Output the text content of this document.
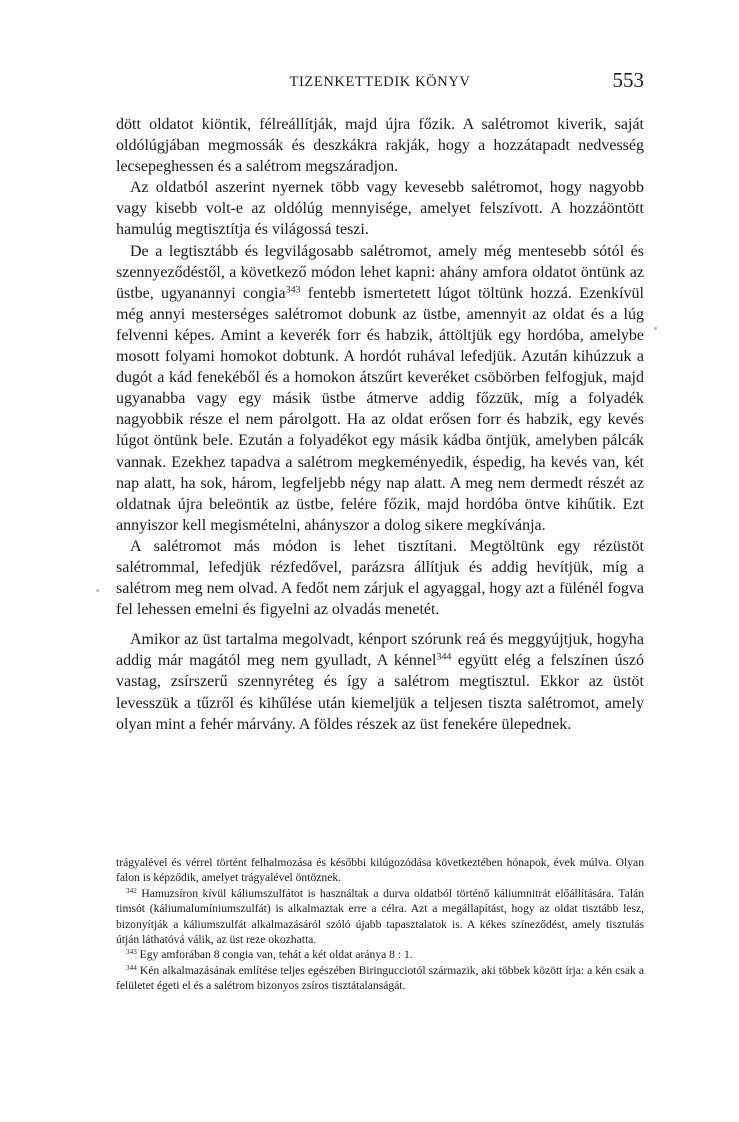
TIZENKETTEDIK KÖNYV	553

dött oldatot kiöntik, félreállítják, majd újra főzik. A salétromot kiverik, saját oldólúgjában megmossák és deszkákra rakják, hogy a hozzátapadt nedvesség lecsepeghessen és a salétrom megszáradjon.

Az oldatból aszerint nyernek több vagy kevesebb salétromot, hogy nagyobb vagy kisebb volt-e az oldólúg mennyisége, amelyet felszívott. A hozzáöntött hamulúg megtisztítja és világossá teszi.

De a legtisztább és legvilágosabb salétromot, amely még mentesebb sótól és szennyeződéstől, a következő módon lehet kapni: ahány amfora oldatot öntünk az üstbe, ugyanannyi congia$^{343}$ fentebb ismertetett lúgot töltünk hozzá. Ezenkívül még annyi mesterséges salétromot dobunk az üstbe, amennyit az oldat és a lúg felvenni képes. Amint a keverék forr és habzik, áttöltjük egy hordóba, amelybe mosott folyami homokot dobtunk. A hordót ruhával lefedjük. Azután kihúzzuk a dugót a kád fenekéből és a homokon átszűrt keveréket csöbörben felfogjuk, majd ugyanabba vagy egy másik üstbe átmerve addig főzzük, míg a folyadék nagyobbik része el nem párolgott. Ha az oldat erősen forr és habzik, egy kevés lúgot öntünk bele. Ezután a folyadékot egy másik kádba öntjük, amelyben pálcák vannak. Ezekhez tapadva a salétrom megkeményedik, éspedig, ha kevés van, két nap alatt, ha sok, három, legfeljebb négy nap alatt. A meg nem dermedt részét az oldatnak újra beleöntik az üstbe, felére főzik, majd hordóba öntve kihűtik. Ezt annyiszor kell megismételni, ahányszor a dolog sikere megkívánja.

A salétromot más módon is lehet tisztítani. Megtöltünk egy rézüstöt salétrommal, lefedjük rézfedővel, parázsra állítjuk és addig hevítjük, míg a salétrom meg nem olvad. A fedőt nem zárjuk el agyaggal, hogy azt a fülénél fogva fel lehessen emelni és figyelni az olvadás menetét.

Amikor az üst tartalma megolvadt, kénport szórunk reá és meggyújtjuk, hogyha addig már magától meg nem gyulladt, A kénnel$^{344}$ együtt elég a felszínen úszó vastag, zsírszerű szennyréteg és így a salétrom megtisztul. Ekkor az üstöt levesszük a tűzről és kihűlése után kiemeljük a teljesen tiszta salétromot, amely olyan mint a fehér márvány. A földes részek az üst fenekére ülepednek.

trágyalével és vérrel történt felhalmozása és későbbi kilúgozódása következtében hónapok, évek múlva. Olyan falon is képződik, amelyet trágyalével öntöznek.

$^{342}$ Hamuzsíron kívül káliumszulfátot is használtak a durva oldatból történő káliumnitrát előállítására. Talán timsót (káliumalumíniumszulfát) is alkalmaztak erre a célra. Azt a megállapítást, hogy az oldat tisztább lesz, bizonyítják a káliumszulfát alkalmazásáról szóló újabb tapasztalatok is. A kékes színeződést, amely tisztulás útján láthatóvá válik, az üst reze okozhatta.

$^{343}$ Egy amforában 8 congia van, tehát a két oldat aránya 8 : 1.

$^{344}$ Kén alkalmazásának említése teljes egészében Biringucciotól származik, aki többek között írja: a kén csak a felületet égeti el és a salétrom bizonyos zsíros tisztátalanságát.
